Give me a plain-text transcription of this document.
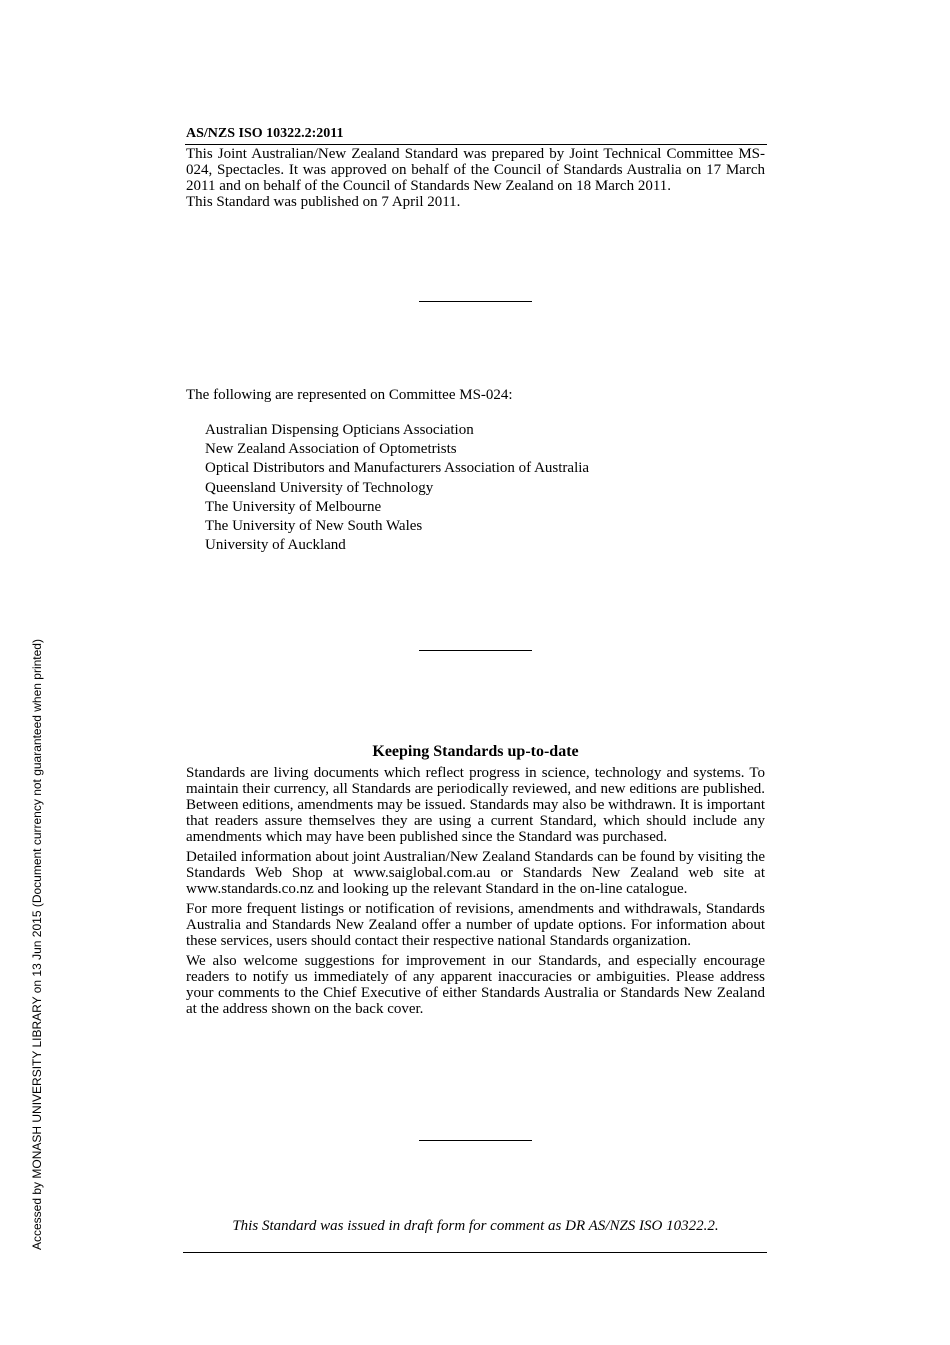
Accessed by MONASH UNIVERSITY LIBRARY on 13 Jun 2015 (Document currency not guaranteed when printed)
AS/NZS ISO 10322.2:2011

This Joint Australian/New Zealand Standard was prepared by Joint Technical Committee MS-024, Spectacles. It was approved on behalf of the Council of Standards Australia on 17 March 2011 and on behalf of the Council of Standards New Zealand on 18 March 2011.

This Standard was published on 7 April 2011.

The following are represented on Committee MS-024:
Australian Dispensing Opticians Association
New Zealand Association of Optometrists
Optical Distributors and Manufacturers Association of Australia
Queensland University of Technology
The University of Melbourne
The University of New South Wales
University of Auckland
Keeping Standards up-to-date

Standards are living documents which reflect progress in science, technology and systems. To maintain their currency, all Standards are periodically reviewed, and new editions are published. Between editions, amendments may be issued. Standards may also be withdrawn. It is important that readers assure themselves they are using a current Standard, which should include any amendments which may have been published since the Standard was purchased.

Detailed information about joint Australian/New Zealand Standards can be found by visiting the Standards Web Shop at www.saiglobal.com.au or Standards New Zealand web site at www.standards.co.nz and looking up the relevant Standard in the on-line catalogue.

For more frequent listings or notification of revisions, amendments and withdrawals, Standards Australia and Standards New Zealand offer a number of update options. For information about these services, users should contact their respective national Standards organization.

We also welcome suggestions for improvement in our Standards, and especially encourage readers to notify us immediately of any apparent inaccuracies or ambiguities. Please address your comments to the Chief Executive of either Standards Australia or Standards New Zealand at the address shown on the back cover.

This Standard was issued in draft form for comment as DR AS/NZS ISO 10322.2.
